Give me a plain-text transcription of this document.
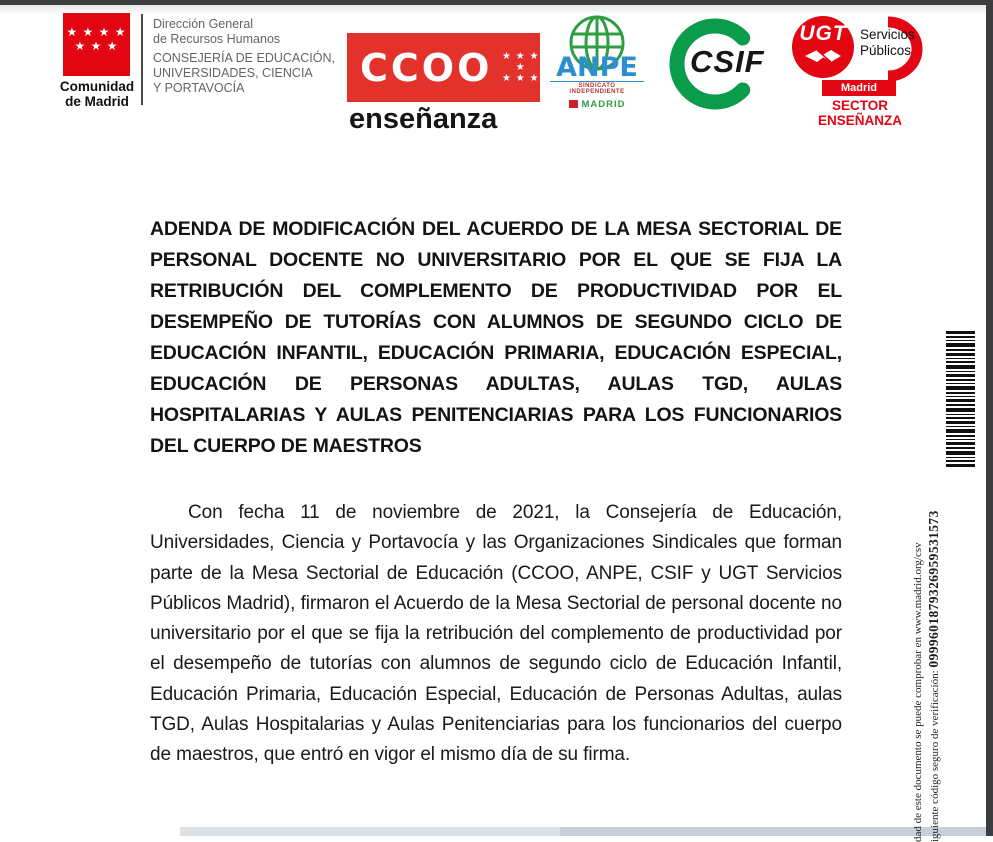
★ ★ ★ ★
★ ★ ★
Comunidad
de Madrid
Dirección General
de Recursos Humanos
CONSEJERÍA DE EDUCACIÓN,
UNIVERSIDADES, CIENCIA
Y PORTAVOCÍA	CCOO ★ ★ ★ ★
★ ★ ★
enseñanza
ANPE
SINDICATO INDEPENDIENTE
MADRID
CSIF
UGT Servicios
Públicos
Madrid
SECTOR ENSEÑANZA

ADENDA DE MODIFICACIÓN DEL ACUERDO DE LA MESA SECTORIAL DE PERSONAL DOCENTE NO UNIVERSITARIO POR EL QUE SE FIJA LA RETRIBUCIÓN DEL COMPLEMENTO DE PRODUCTIVIDAD POR EL DESEMPEÑO DE TUTORÍAS CON ALUMNOS DE SEGUNDO CICLO DE EDUCACIÓN INFANTIL, EDUCACIÓN PRIMARIA, EDUCACIÓN ESPECIAL, EDUCACIÓN DE PERSONAS ADULTAS, AULAS TGD, AULAS HOSPITALARIAS Y AULAS PENITENCIARIAS PARA LOS FUNCIONARIOS DEL CUERPO DE MAESTROS

Con fecha 11 de noviembre de 2021, la Consejería de Educación, Universidades, Ciencia y Portavocía y las Organizaciones Sindicales que forman parte de la Mesa Sectorial de Educación (CCOO, ANPE, CSIF y UGT Servicios Públicos Madrid), firmaron el Acuerdo de la Mesa Sectorial de personal docente no universitario por el que se fija la retribución del complemento de productividad por el desempeño de tutorías con alumnos de segundo ciclo de Educación Infantil, Educación Primaria, Educación Especial, Educación de Personas Adultas, aulas TGD, Aulas Hospitalarias y Aulas Penitenciarias para los funcionarios del cuerpo de maestros, que entró en vigor el mismo día de su firma.	dad de este documento se puede comprobar en www.madrid.org/csv iguiente código seguro de verificación: 0999601879326959531573
